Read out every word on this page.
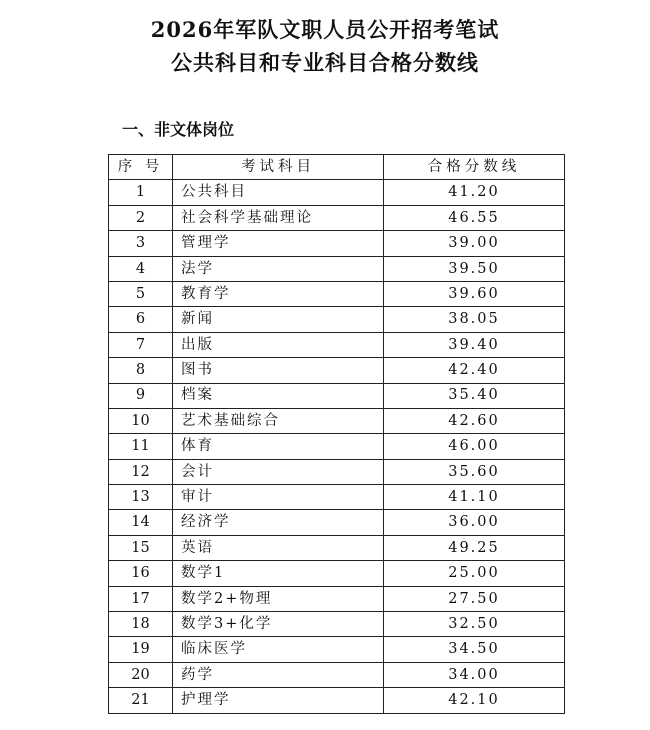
2026年军队文职人员公开招考笔试
公共科目和专业科目合格分数线
一、非文体岗位
序 号	考试科目	合格分数线
1	公共科目	41.20
2	社会科学基础理论	46.55
3	管理学	39.00
4	法学	39.50
5	教育学	39.60
6	新闻	38.05
7	出版	39.40
8	图书	42.40
9	档案	35.40
10	艺术基础综合	42.60
11	体育	46.00
12	会计	35.60
13	审计	41.10
14	经济学	36.00
15	英语	49.25
16	数学1	25.00
17	数学2+物理	27.50
18	数学3+化学	32.50
19	临床医学	34.50
20	药学	34.00
21	护理学	42.10
